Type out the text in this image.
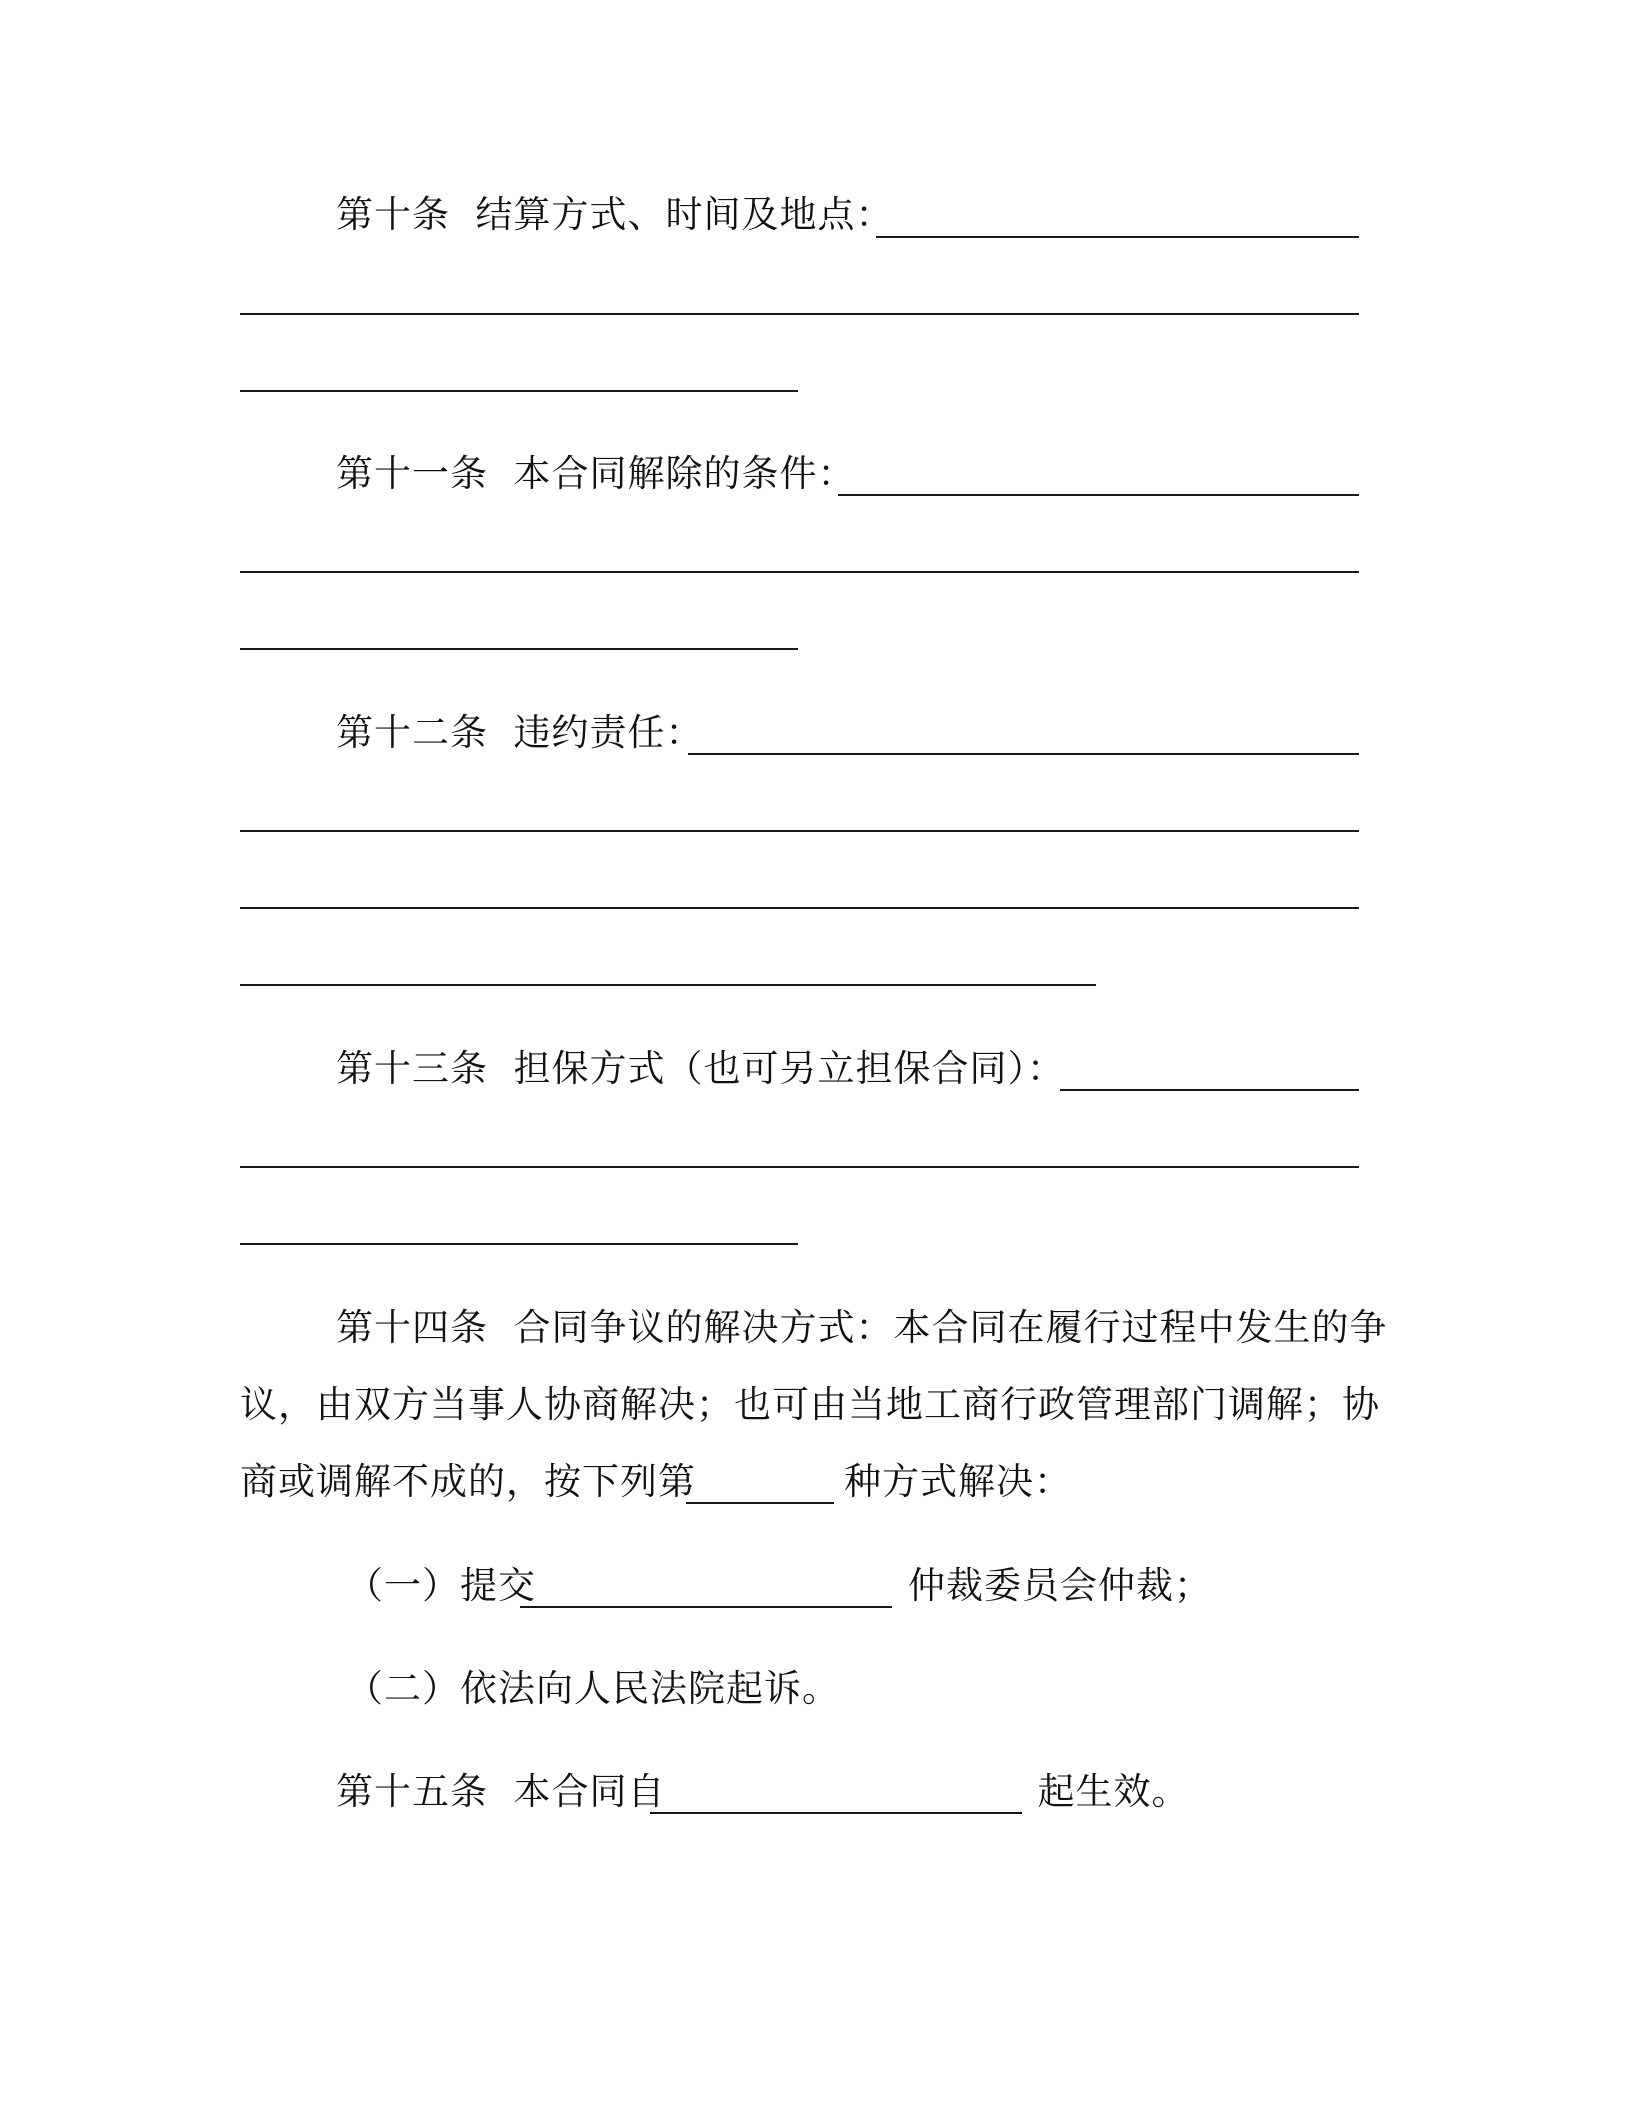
第十条 结算方式、时间及地点：
第十一条 本合同解除的条件：
第十二条 违约责任：
第十三条 担保方式（也可另立担保合同）：
第十四条 合同争议的解决方式：本合同在履行过程中发生的争
议，由双方当事人协商解决；也可由当地工商行政管理部门调解；协
商或调解不成的，按下列第	种方式解决：
（一）提交	仲裁委员会仲裁；
（二）依法向人民法院起诉。
第十五条 本合同自	起生效。
